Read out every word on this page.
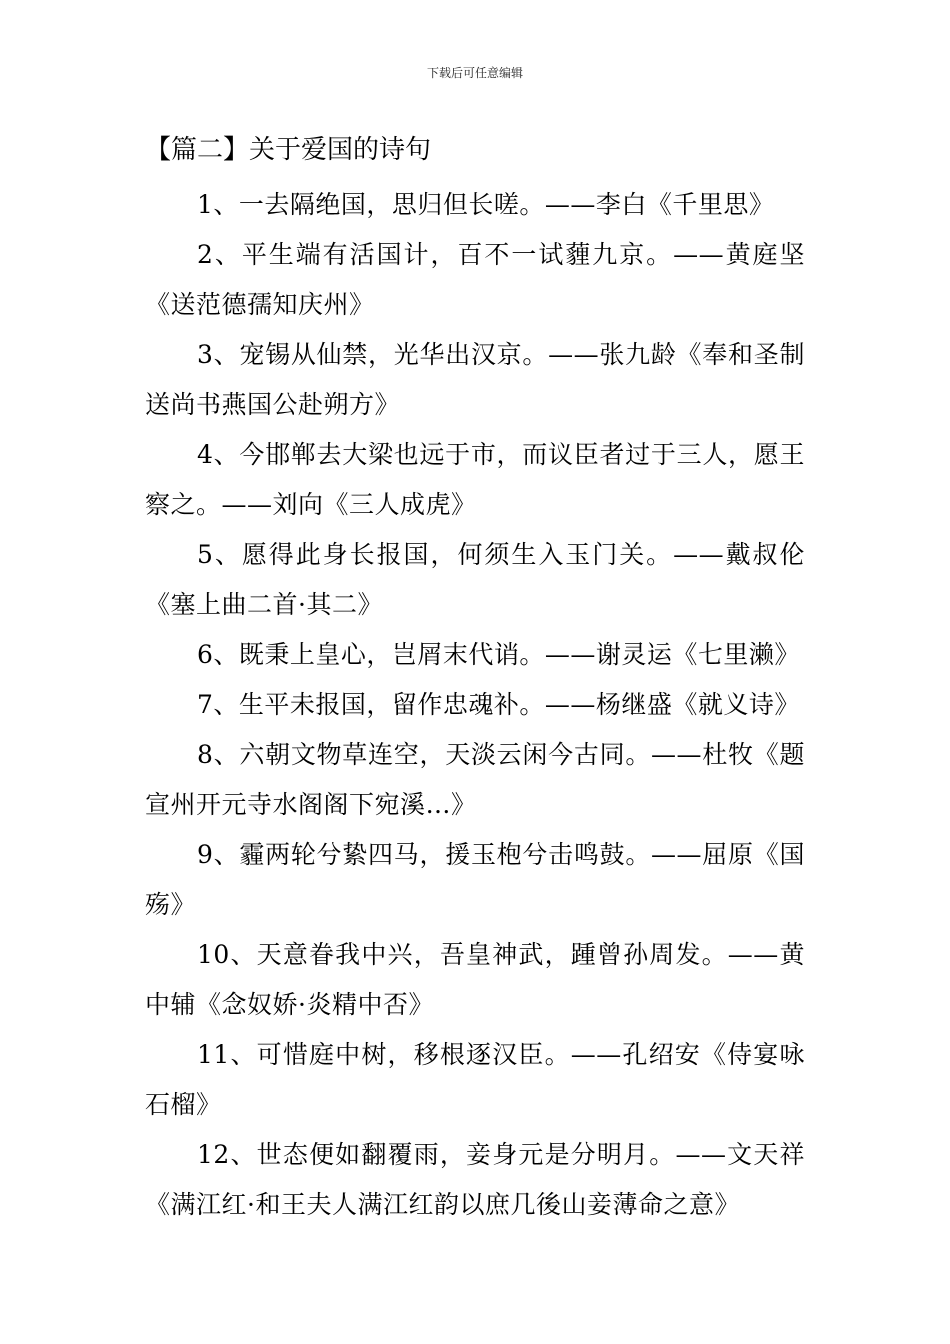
下载后可任意编辑
【篇二】关于爱国的诗句

1、一去隔绝国，思归但长嗟。——李白《千里思》

2、平生端有活国计，百不一试薶九京。——黄庭坚《送范德孺知庆州》

3、宠锡从仙禁，光华出汉京。——张九龄《奉和圣制送尚书燕国公赴朔方》

4、今邯郸去大梁也远于市，而议臣者过于三人，愿王察之。——刘向《三人成虎》

5、愿得此身长报国，何须生入玉门关。——戴叔伦《塞上曲二首·其二》

6、既秉上皇心，岂屑末代诮。——谢灵运《七里濑》

7、生平未报国，留作忠魂补。——杨继盛《就义诗》

8、六朝文物草连空，天淡云闲今古同。——杜牧《题宣州开元寺水阁阁下宛溪…》

9、霾两轮兮絷四马，援玉枹兮击鸣鼓。——屈原《国殇》

10、天意眷我中兴，吾皇神武，踵曾孙周发。——黄中辅《念奴娇·炎精中否》

11、可惜庭中树，移根逐汉臣。——孔绍安《侍宴咏石榴》

12、世态便如翻覆雨，妾身元是分明月。——文天祥《满江红·和王夫人满江红韵以庶几後山妾薄命之意》
